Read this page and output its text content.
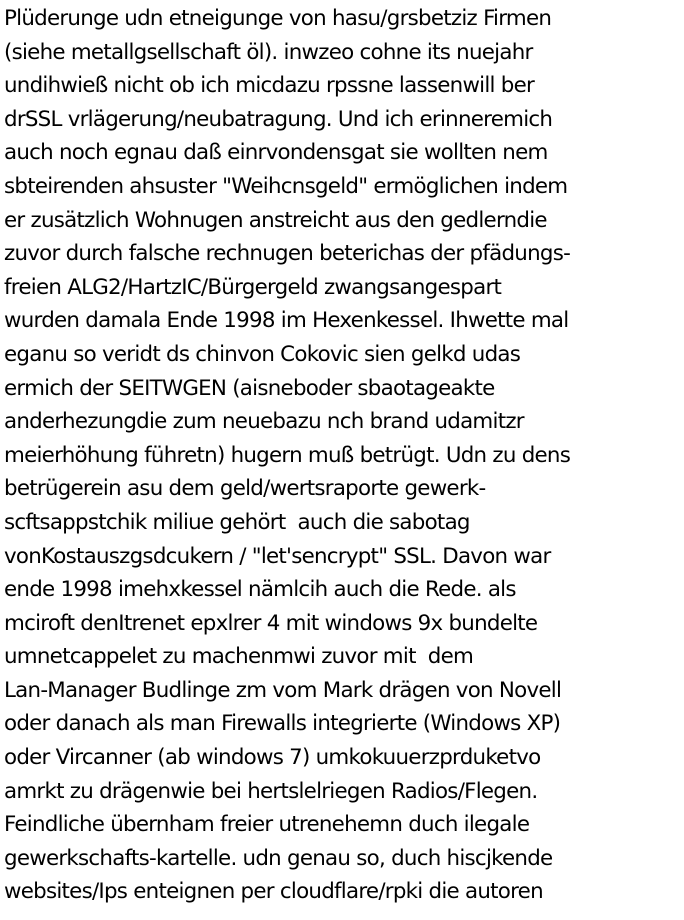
Plüderunge udn etneigunge von hasu/grsbetziz Firmen
(siehe metallgsellschaft öl). inwzeo cohne its nuejahr
undihwieß nicht ob ich micdazu rpssne lassenwill ber
drSSL vrlägerung/neubatragung. Und ich erinneremich
auch noch egnau daß einrvondensgat sie wollten nem
sbteirenden ahsuster "Weihcnsgeld" ermöglichen indem
er zusätzlich Wohnugen anstreicht aus den gedlerndie
zuvor durch falsche rechnugen beterichas der pfädungs-
freien ALG2/HartzIC/Bürgergeld zwangsangespart
wurden damala Ende 1998 im Hexenkessel. Ihwette mal
eganu so veridt ds chinvon Cokovic sien gelkd udas
ermich der SEITWGEN (aisneboder sbaotageakte
anderhezungdie zum neuebazu nch brand udamitzr
meierhöhung führetn) hugern muß betrügt. Udn zu dens
betrügerein asu dem geld/wertsraporte gewerk-
scftsappstchik miliue gehört  auch die sabotag
vonKostauszgsdcukern / "let'sencrypt" SSL. Davon war
ende 1998 imehxkessel nämlcih auch die Rede. als
mciroft denItrenet epxlrer 4 mit windows 9x bundelte
umnetcappelet zu machenmwi zuvor mit  dem
Lan-Manager Budlinge zm vom Mark drägen von Novell
oder danach als man Firewalls integrierte (Windows XP)
oder Vircanner (ab windows 7) umkokuuerzprduketvo
amrkt zu drägenwie bei hertslelriegen Radios/Flegen.
Feindliche übernham freier utrenehemn duch ilegale
gewerkschafts-kartelle. udn genau so, duch hiscjkende
websites/Ips enteignen per cloudflare/rpki die autoren
